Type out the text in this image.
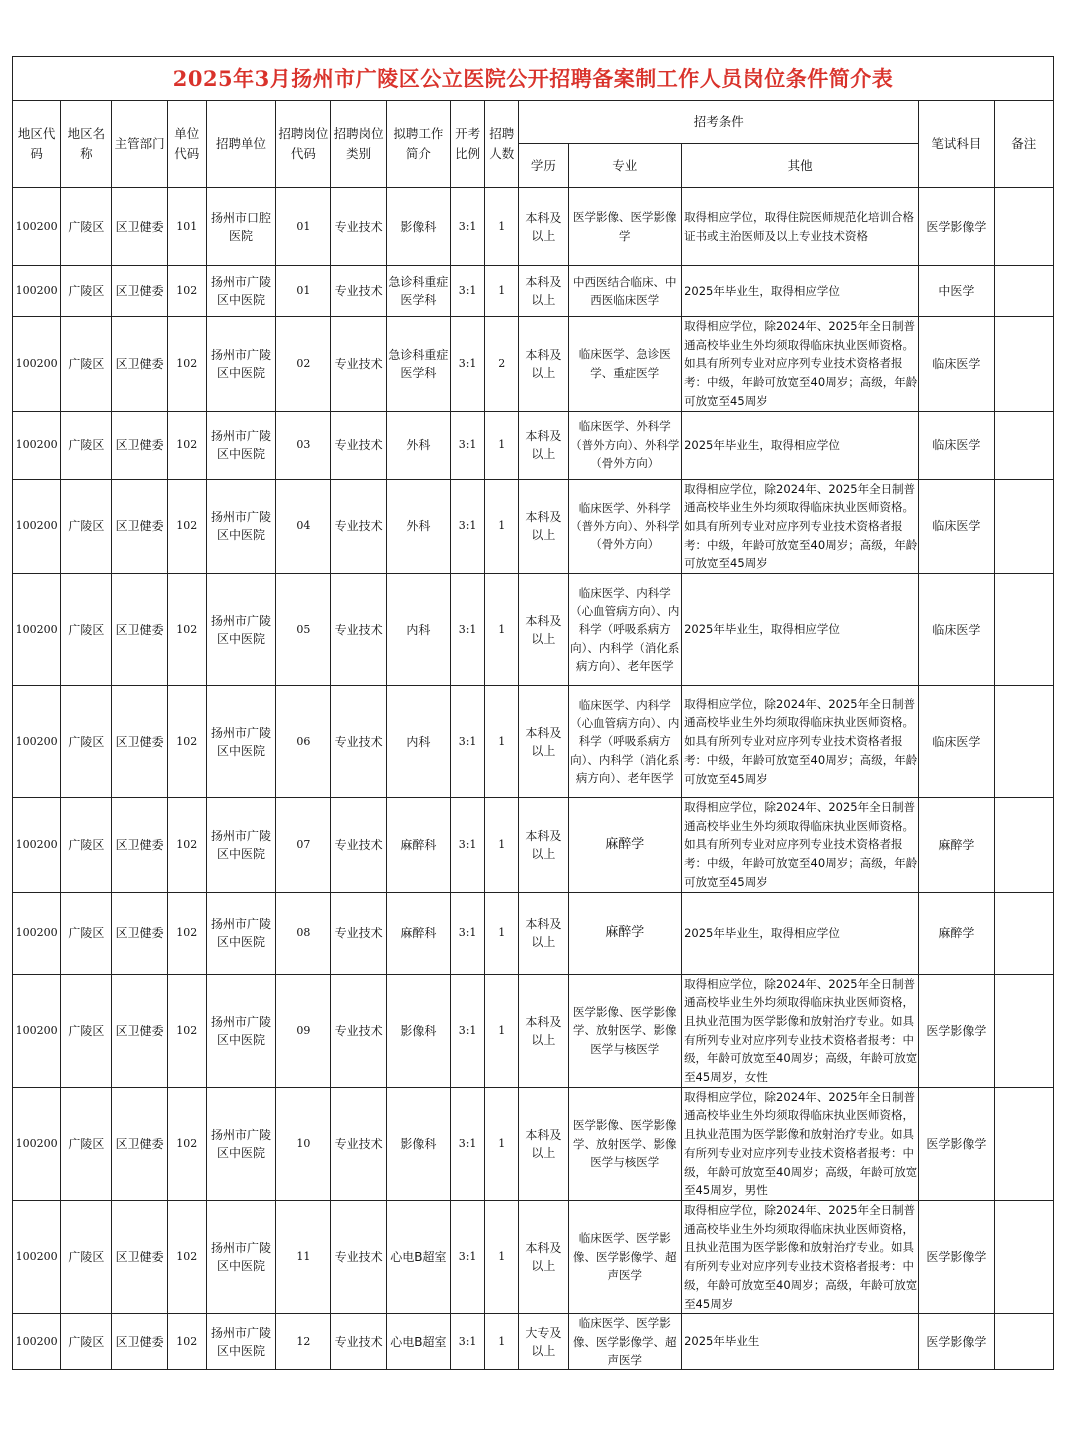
2025年3月扬州市广陵区公立医院公开招聘备案制工作人员岗位条件简介表														
地区代码	地区名称	主管部门	单位代码	招聘单位	招聘岗位代码	招聘岗位类别	拟聘工作简介	开考比例	招聘人数	招考条件			笔试科目	备注
										学历	专业	其他		
100200	广陵区	区卫健委	101	扬州市口腔医院	01	专业技术	影像科	3:1	1	本科及以上	医学影像、医学影像学	取得相应学位，取得住院医师规范化培训合格证书或主治医师及以上专业技术资格	医学影像学	
100200	广陵区	区卫健委	102	扬州市广陵区中医院	01	专业技术	急诊科重症医学科	3:1	1	本科及以上	中西医结合临床、中西医临床医学	2025年毕业生，取得相应学位	中医学	
100200	广陵区	区卫健委	102	扬州市广陵区中医院	02	专业技术	急诊科重症医学科	3:1	2	本科及以上	临床医学、急诊医学、重症医学	取得相应学位，除2024年、2025年全日制普通高校毕业生外均须取得临床执业医师资格。如具有所列专业对应序列专业技术资格者报考：中级，年龄可放宽至40周岁；高级，年龄可放宽至45周岁	临床医学	
100200	广陵区	区卫健委	102	扬州市广陵区中医院	03	专业技术	外科	3:1	1	本科及以上	临床医学、外科学（普外方向）、外科学（骨外方向）	2025年毕业生，取得相应学位	临床医学	
100200	广陵区	区卫健委	102	扬州市广陵区中医院	04	专业技术	外科	3:1	1	本科及以上	临床医学、外科学（普外方向）、外科学（骨外方向）	取得相应学位，除2024年、2025年全日制普通高校毕业生外均须取得临床执业医师资格。如具有所列专业对应序列专业技术资格者报考：中级，年龄可放宽至40周岁；高级，年龄可放宽至45周岁	临床医学	
100200	广陵区	区卫健委	102	扬州市广陵区中医院	05	专业技术	内科	3:1	1	本科及以上	临床医学、内科学（心血管病方向）、内科学（呼吸系病方向）、内科学（消化系病方向）、老年医学	2025年毕业生，取得相应学位	临床医学	
100200	广陵区	区卫健委	102	扬州市广陵区中医院	06	专业技术	内科	3:1	1	本科及以上	临床医学、内科学（心血管病方向）、内科学（呼吸系病方向）、内科学（消化系病方向）、老年医学	取得相应学位，除2024年、2025年全日制普通高校毕业生外均须取得临床执业医师资格。如具有所列专业对应序列专业技术资格者报考：中级，年龄可放宽至40周岁；高级，年龄可放宽至45周岁	临床医学	
100200	广陵区	区卫健委	102	扬州市广陵区中医院	07	专业技术	麻醉科	3:1	1	本科及以上	麻醉学	取得相应学位，除2024年、2025年全日制普通高校毕业生外均须取得临床执业医师资格。如具有所列专业对应序列专业技术资格者报考：中级，年龄可放宽至40周岁；高级，年龄可放宽至45周岁	麻醉学	
100200	广陵区	区卫健委	102	扬州市广陵区中医院	08	专业技术	麻醉科	3:1	1	本科及以上	麻醉学	2025年毕业生，取得相应学位	麻醉学	
100200	广陵区	区卫健委	102	扬州市广陵区中医院	09	专业技术	影像科	3:1	1	本科及以上	医学影像、医学影像学、放射医学、影像医学与核医学	取得相应学位，除2024年、2025年全日制普通高校毕业生外均须取得临床执业医师资格，且执业范围为医学影像和放射治疗专业。如具有所列专业对应序列专业技术资格者报考：中级，年龄可放宽至40周岁；高级，年龄可放宽至45周岁，女性	医学影像学	
100200	广陵区	区卫健委	102	扬州市广陵区中医院	10	专业技术	影像科	3:1	1	本科及以上	医学影像、医学影像学、放射医学、影像医学与核医学	取得相应学位，除2024年、2025年全日制普通高校毕业生外均须取得临床执业医师资格，且执业范围为医学影像和放射治疗专业。如具有所列专业对应序列专业技术资格者报考：中级，年龄可放宽至40周岁；高级，年龄可放宽至45周岁，男性	医学影像学	
100200	广陵区	区卫健委	102	扬州市广陵区中医院	11	专业技术	心电B超室	3:1	1	本科及以上	临床医学、医学影像、医学影像学、超声医学	取得相应学位，除2024年、2025年全日制普通高校毕业生外均须取得临床执业医师资格，且执业范围为医学影像和放射治疗专业。如具有所列专业对应序列专业技术资格者报考：中级，年龄可放宽至40周岁；高级，年龄可放宽至45周岁	医学影像学	
100200	广陵区	区卫健委	102	扬州市广陵区中医院	12	专业技术	心电B超室	3:1	1	大专及以上	临床医学、医学影像、医学影像学、超声医学	2025年毕业生	医学影像学	
